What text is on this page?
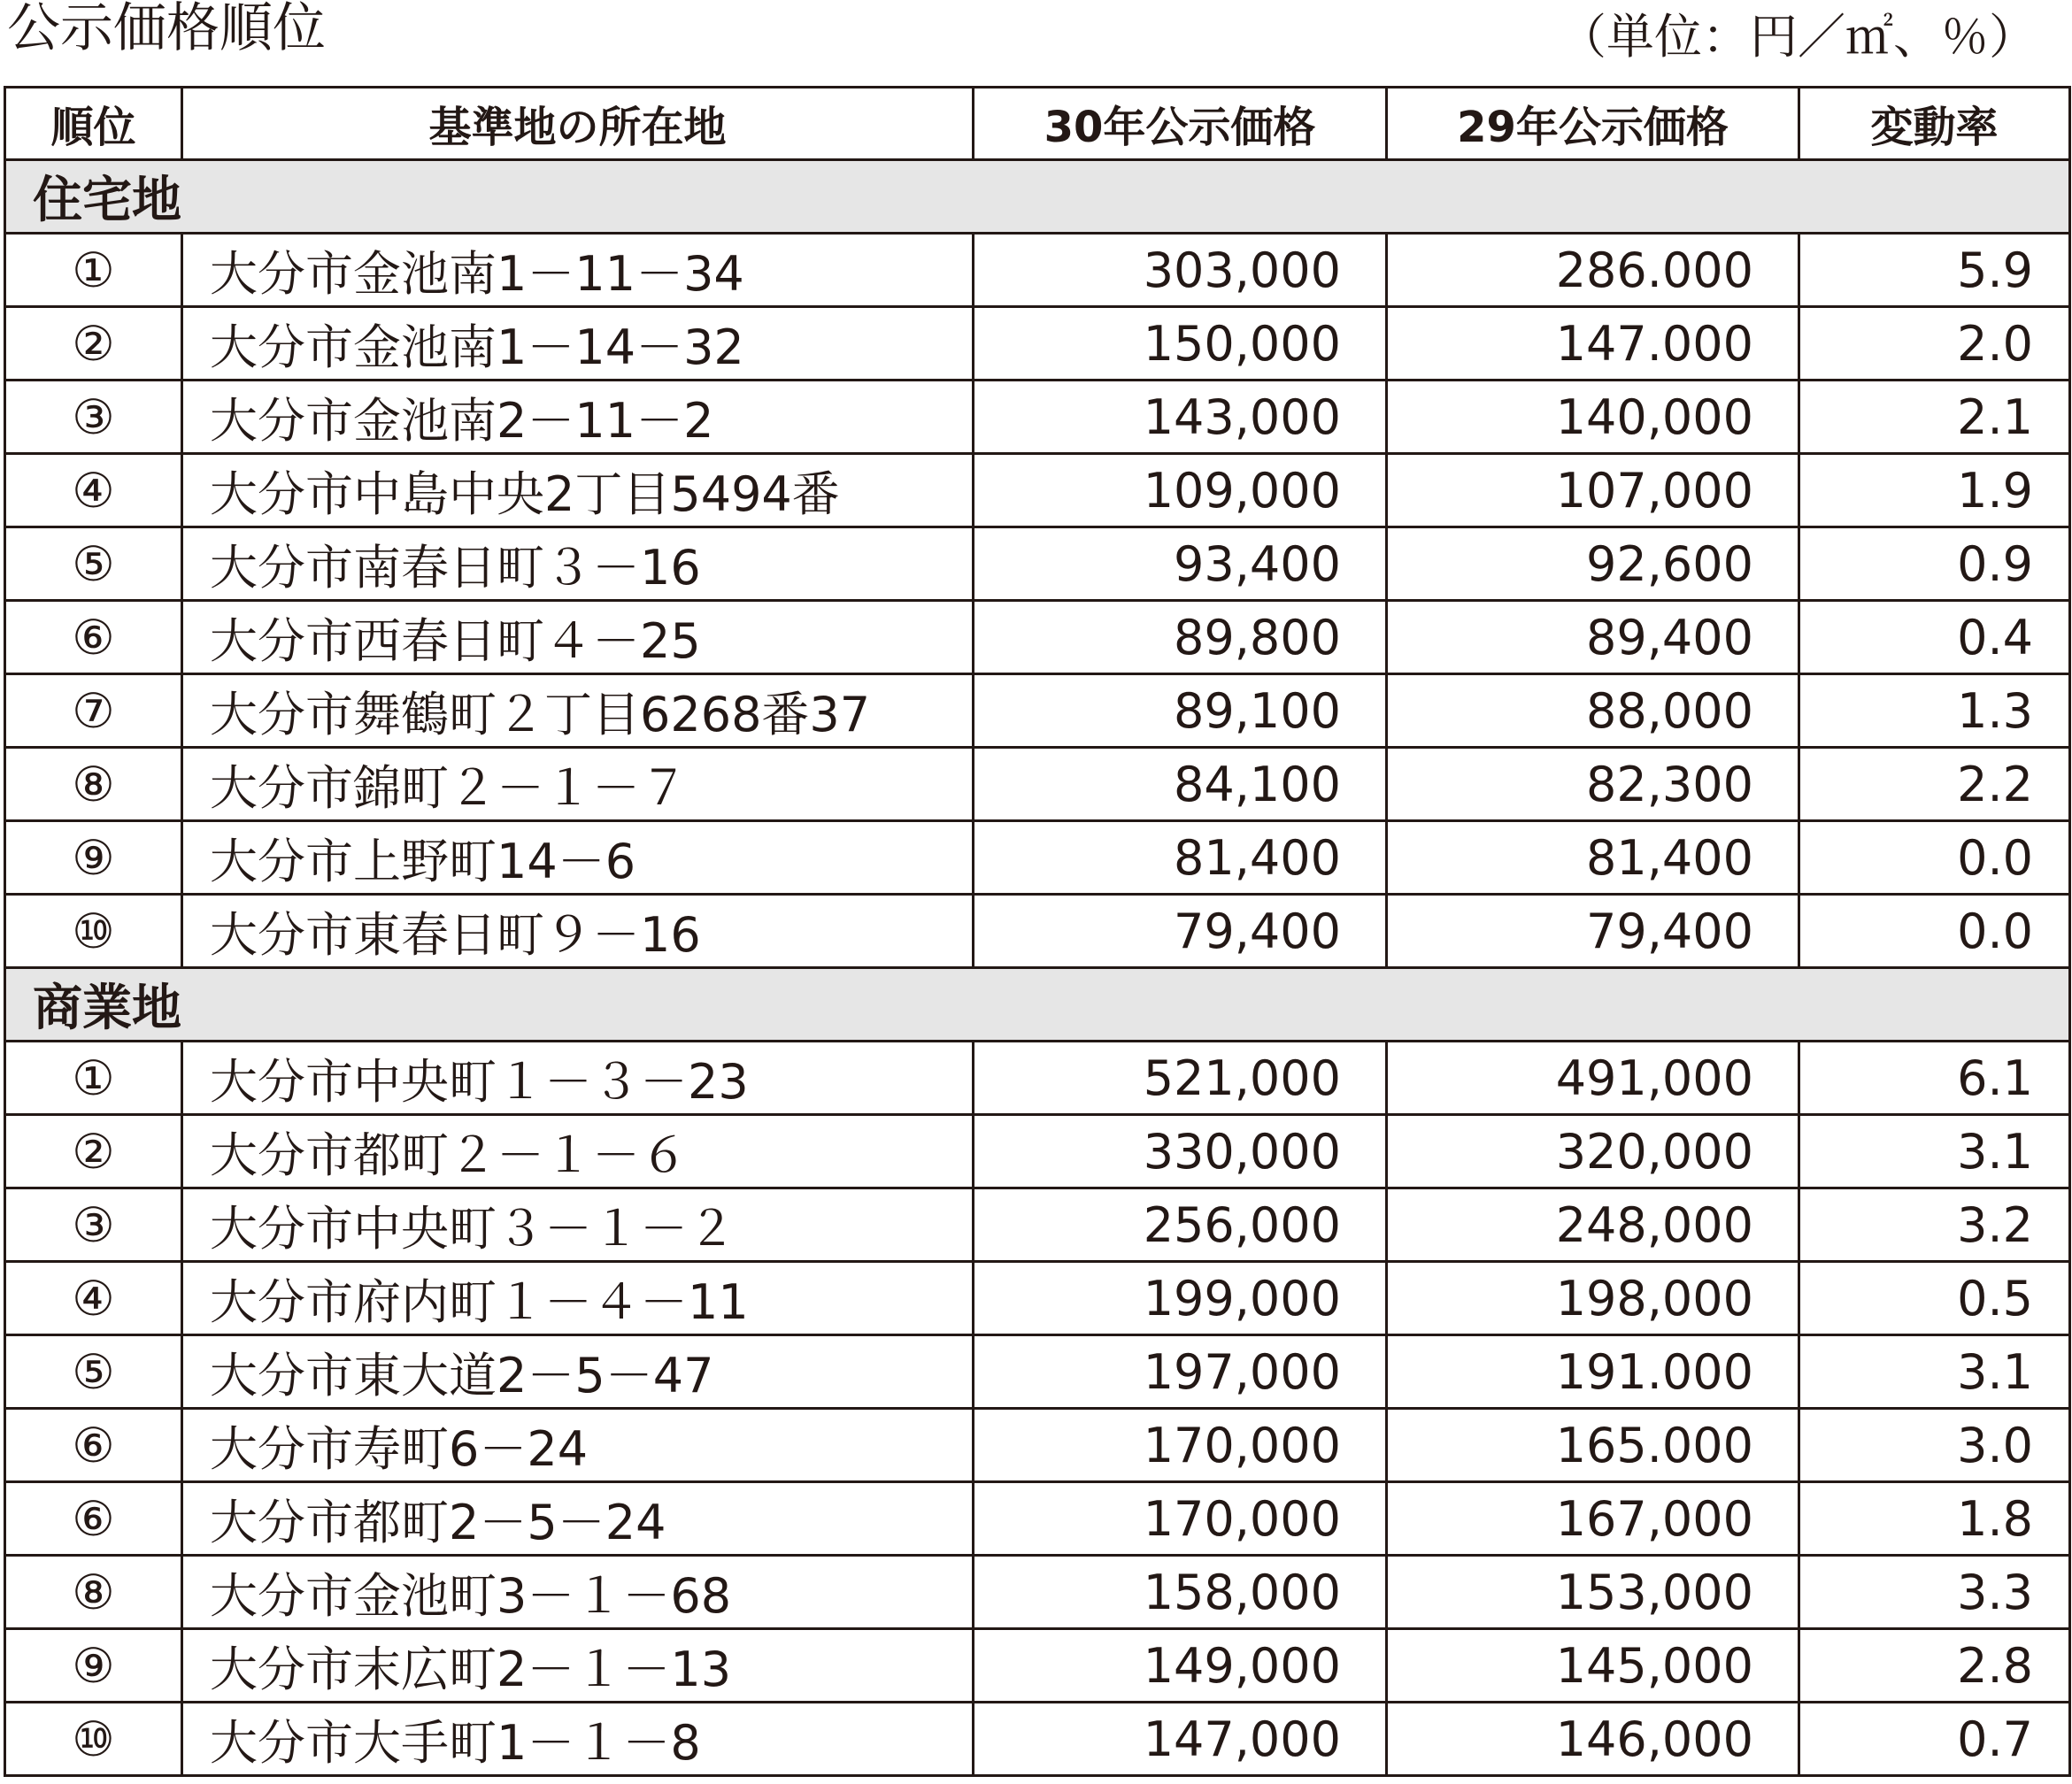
公示価格順位	（単位：円／㎡、％）
順位	基準地の所在地	30年公示価格	29年公示価格	変動率
住宅地				
①	大分市金池南1－11－34	303,000	286.000	5.9
②	大分市金池南1－14－32	150,000	147.000	2.0
③	大分市金池南2－11－2	143,000	140,000	2.1
④	大分市中島中央2丁目5494番	109,000	107,000	1.9
⑤	大分市南春日町３－16	93,400	92,600	0.9
⑥	大分市西春日町４－25	89,800	89,400	0.4
⑦	大分市舞鶴町２丁目6268番37	89,100	88,000	1.3
⑧	大分市錦町２－１－７	84,100	82,300	2.2
⑨	大分市上野町14－6	81,400	81,400	0.0
⑩	大分市東春日町９－16	79,400	79,400	0.0
商業地				
①	大分市中央町１－３－23	521,000	491,000	6.1
②	大分市都町２－１－６	330,000	320,000	3.1
③	大分市中央町３－１－２	256,000	248,000	3.2
④	大分市府内町１－４－11	199,000	198,000	0.5
⑤	大分市東大道2－5－47	197,000	191.000	3.1
⑥	大分市寿町6－24	170,000	165.000	3.0
⑥	大分市都町2－5－24	170,000	167,000	1.8
⑧	大分市金池町3－１－68	158,000	153,000	3.3
⑨	大分市末広町2－１－13	149,000	145,000	2.8
⑩	大分市大手町1－１－8	147,000	146,000	0.7
